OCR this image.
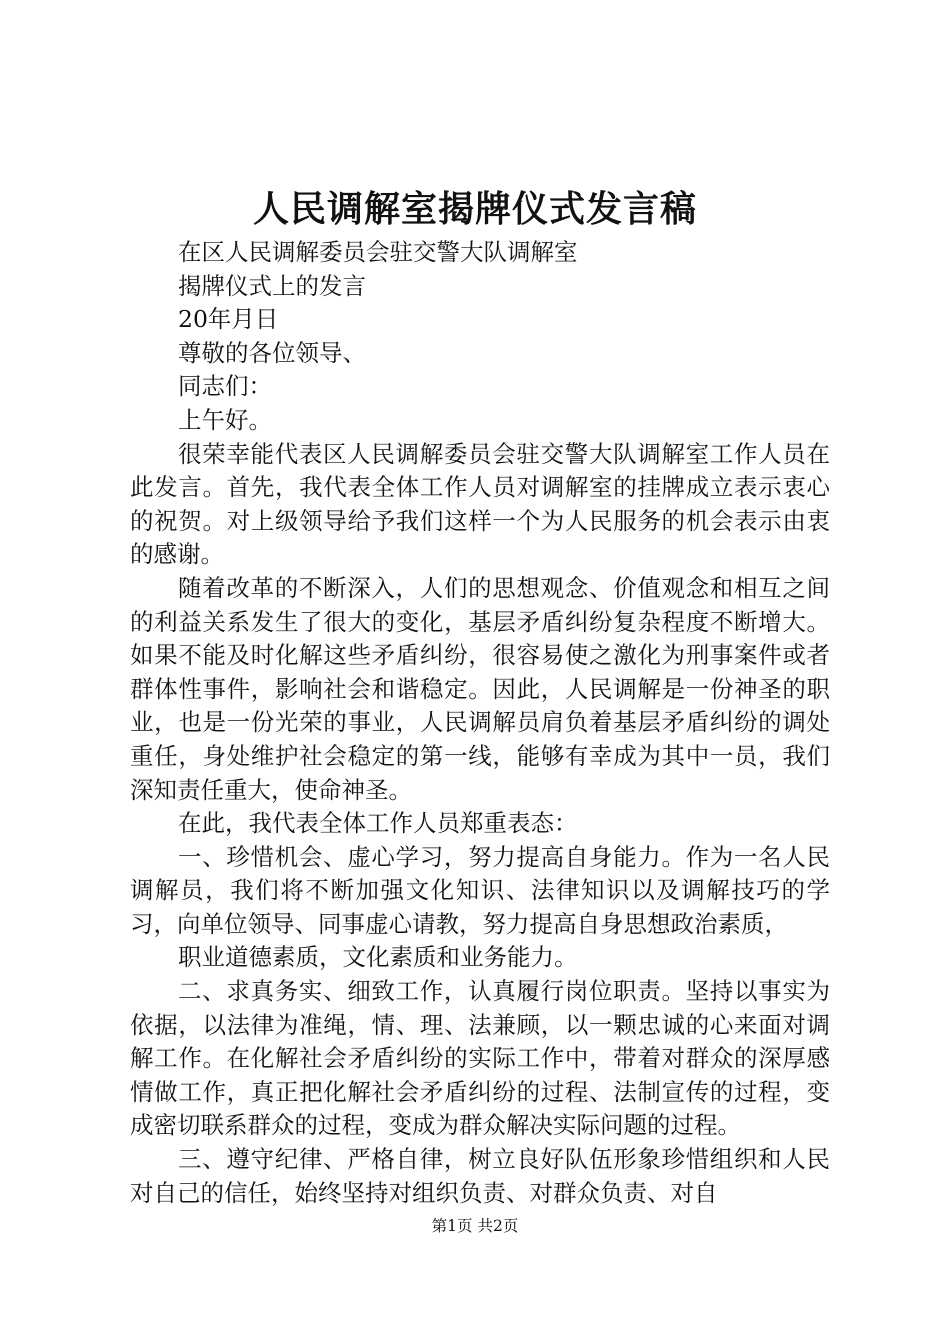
人民调解室揭牌仪式发言稿
在区人民调解委员会驻交警大队调解室
揭牌仪式上的发言
20年月日
尊敬的各位领导、
同志们：
上午好。

很荣幸能代表区人民调解委员会驻交警大队调解室工作人员在此发言。首先，我代表全体工作人员对调解室的挂牌成立表示衷心的祝贺。对上级领导给予我们这样一个为人民服务的机会表示由衷的感谢。

随着改革的不断深入，人们的思想观念、价值观念和相互之间的利益关系发生了很大的变化，基层矛盾纠纷复杂程度不断增大。如果不能及时化解这些矛盾纠纷，很容易使之激化为刑事案件或者群体性事件，影响社会和谐稳定。因此，人民调解是一份神圣的职业，也是一份光荣的事业，人民调解员肩负着基层矛盾纠纷的调处重任，身处维护社会稳定的第一线，能够有幸成为其中一员，我们深知责任重大，使命神圣。

在此，我代表全体工作人员郑重表态：

一、珍惜机会、虚心学习，努力提高自身能力。作为一名人民调解员，我们将不断加强文化知识、法律知识以及调解技巧的学习，向单位领导、同事虚心请教，努力提高自身思想政治素质，

职业道德素质，文化素质和业务能力。

二、求真务实、细致工作，认真履行岗位职责。坚持以事实为依据，以法律为准绳，情、理、法兼顾，以一颗忠诚的心来面对调解工作。在化解社会矛盾纠纷的实际工作中，带着对群众的深厚感情做工作，真正把化解社会矛盾纠纷的过程、法制宣传的过程，变成密切联系群众的过程，变成为群众解决实际问题的过程。

三、遵守纪律、严格自律，树立良好队伍形象珍惜组织和人民对自己的信任，始终坚持对组织负责、对群众负责、对自

第1页 共2页
